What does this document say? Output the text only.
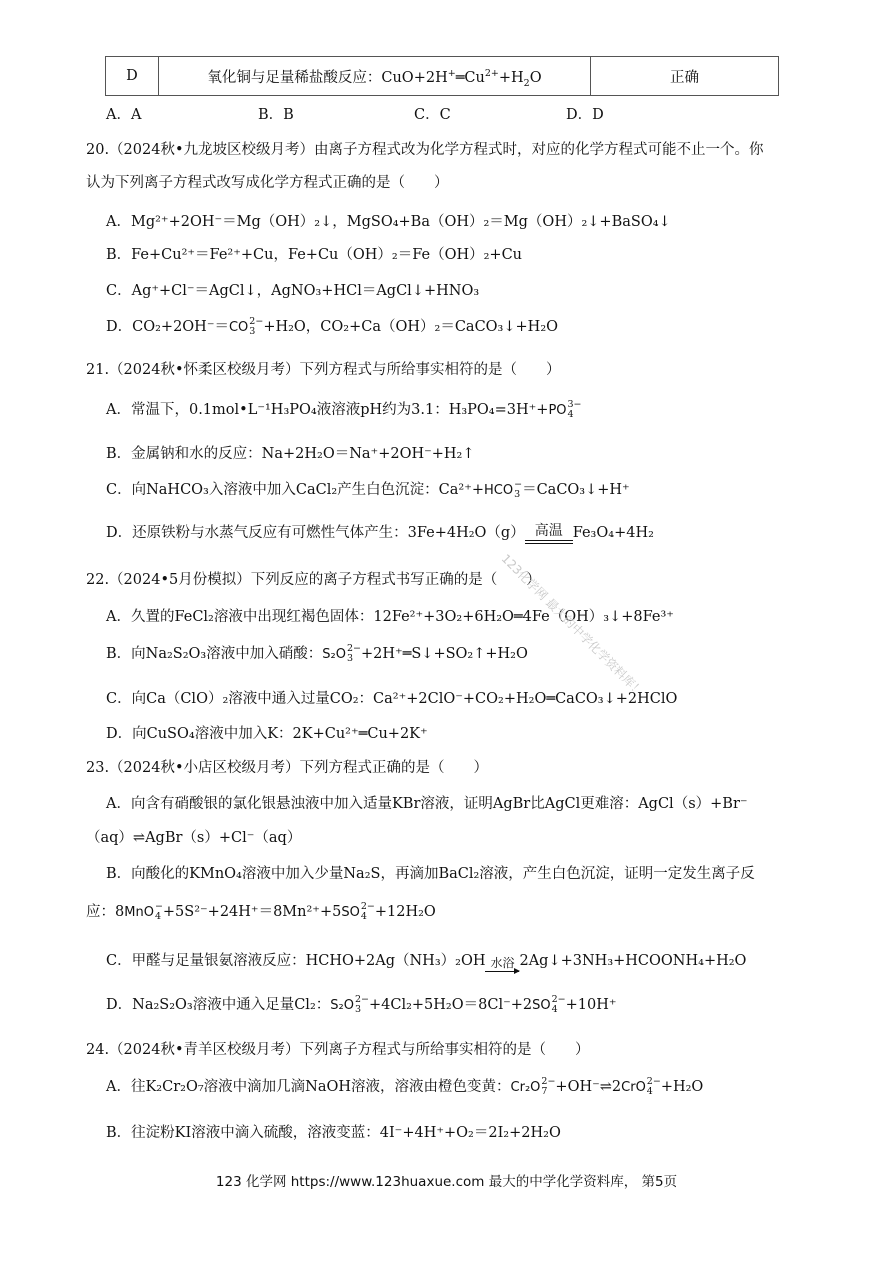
D	氧化铜与足量稀盐酸反应：$CuO+2H^+═Cu^{2+}+H_2O$	正确
A．A	B．B	C．C	D．D
20.（2024秋•九龙坡区校级月考）由离子方程式改为化学方程式时，对应的化学方程式可能不止一个。你
认为下列离子方程式改写成化学方程式正确的是（　　）
A．Mg²⁺+2OH⁻＝Mg（OH）₂↓，MgSO₄+Ba（OH）₂＝Mg（OH）₂↓+BaSO₄↓
B．Fe+Cu²⁺＝Fe²⁺+Cu，Fe+Cu（OH）₂＝Fe（OH）₂+Cu
C．Ag⁺+Cl⁻＝AgCl↓，AgNO₃+HCl＝AgCl↓+HNO₃
D．CO₂+2OH⁻＝CO 2−
3 +H₂O，CO₂+Ca（OH）₂＝CaCO₃↓+H₂O
21.（2024秋•怀柔区校级月考）下列方程式与所给事实相符的是（　　）
A．常温下，0.1mol•L⁻¹H₃PO₄液溶液pH约为3.1：H₃PO₄=3H⁺+PO 3−
4
B．金属钠和水的反应：Na+2H₂O＝Na⁺+2OH⁻+H₂↑
C．向NaHCO₃入溶液中加入CaCl₂产生白色沉淀：Ca²⁺+HCO −
3 ＝CaCO₃↓+H⁺
D．还原铁粉与水蒸气反应有可燃性气体产生：3Fe+4H₂O（g） 高温 Fe₃O₄+4H₂
22.（2024•5月份模拟）下列反应的离子方程式书写正确的是（　　）
A．久置的FeCl₂溶液中出现红褐色固体：12Fe²⁺+3O₂+6H₂O═4Fe（OH）₃↓+8Fe³⁺
B．向Na₂S₂O₃溶液中加入硝酸：S₂O 2−
3 +2H⁺═S↓+SO₂↑+H₂O
C．向Ca（ClO）₂溶液中通入过量CO₂：Ca²⁺+2ClO⁻+CO₂+H₂O═CaCO₃↓+2HClO
D．向CuSO₄溶液中加入K：2K+Cu²⁺═Cu+2K⁺
23.（2024秋•小店区校级月考）下列方程式正确的是（　　）
A．向含有硝酸银的氯化银悬浊液中加入适量KBr溶液，证明AgBr比AgCl更难溶：AgCl（s）+Br⁻
（aq）⇌AgBr（s）+Cl⁻（aq）
B．向酸化的KMnO₄溶液中加入少量Na₂S，再滴加BaCl₂溶液，产生白色沉淀，证明一定发生离子反
应：8MnO −
4 +5S²⁻+24H⁺＝8Mn²⁺+5SO 2−
4 +12H₂O
C．甲醛与足量银氨溶液反应：HCHO+2Ag（NH₃）₂OH 水浴 2Ag↓+3NH₃+HCOONH₄+H₂O
D．Na₂S₂O₃溶液中通入足量Cl₂：S₂O 2−
3 +4Cl₂+5H₂O＝8Cl⁻+2SO 2−
4 +10H⁺
24.（2024秋•青羊区校级月考）下列离子方程式与所给事实相符的是（　　）
A．往K₂Cr₂O₇溶液中滴加几滴NaOH溶液，溶液由橙色变黄：Cr₂O 2−
7 +OH⁻⇌2CrO 2−
4 +H₂O
B．往淀粉KI溶液中滴入硫酸，溶液变蓝：4I⁻+4H⁺+O₂＝2I₂+2H₂O
123化学网 最大的中学化学资料库！
123 化学网 https://www.123huaxue.com 最大的中学化学资料库， 第5页
